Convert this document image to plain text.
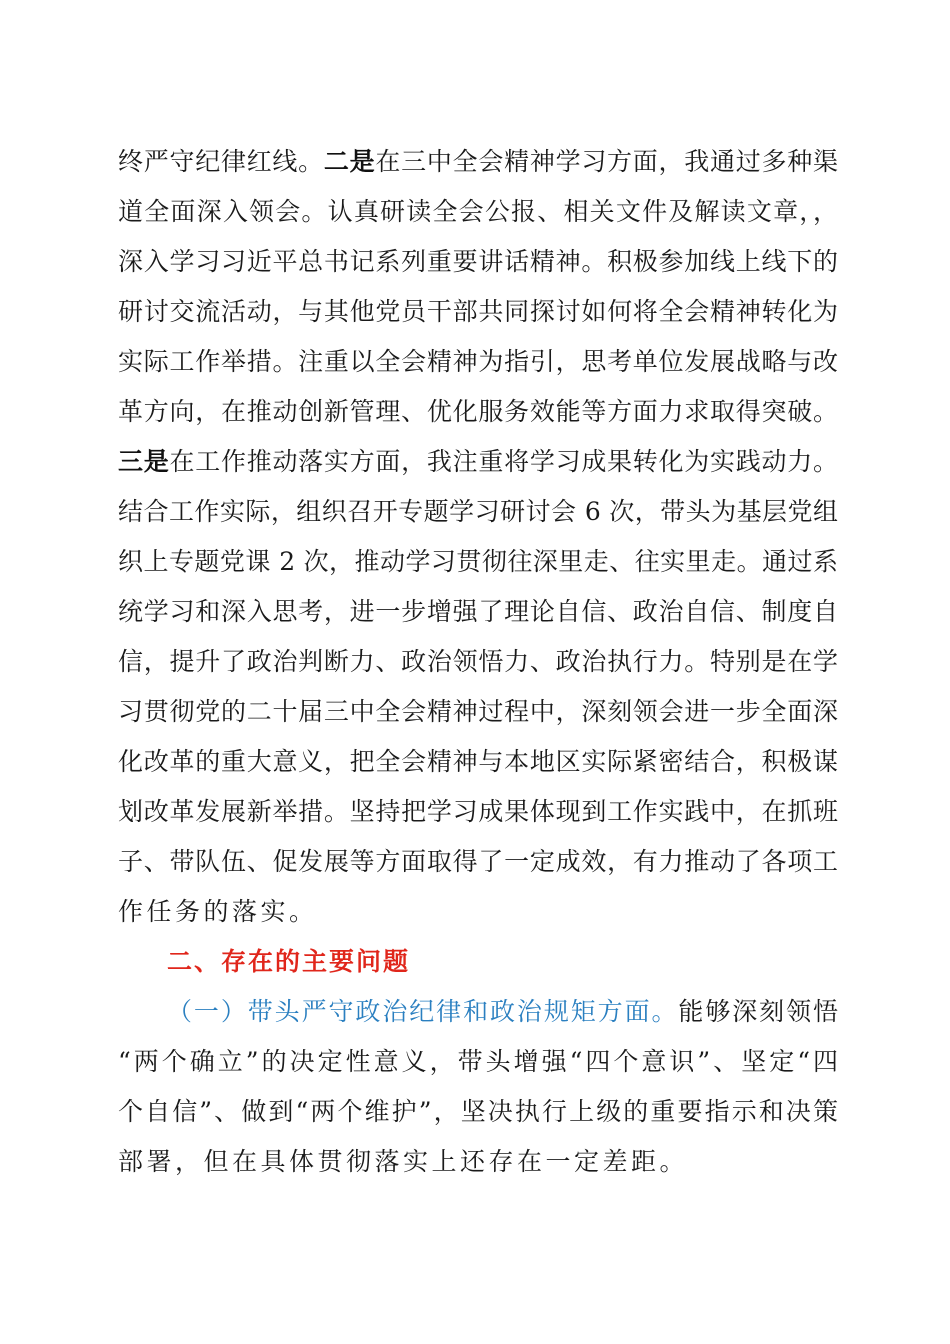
终严守纪律红线。二是在三中全会精神学习方面，我通过多种渠
道全面深入领会。认真研读全会公报、相关文件及解读文章，，
深入学习习近平总书记系列重要讲话精神。积极参加线上线下的
研讨交流活动，与其他党员干部共同探讨如何将全会精神转化为
实际工作举措。注重以全会精神为指引，思考单位发展战略与改
革方向，在推动创新管理、优化服务效能等方面力求取得突破。
三是在工作推动落实方面，我注重将学习成果转化为实践动力。
结合工作实际，组织召开专题学习研讨会 6 次，带头为基层党组
织上专题党课 2 次，推动学习贯彻往深里走、往实里走。通过系
统学习和深入思考，进一步增强了理论自信、政治自信、制度自
信，提升了政治判断力、政治领悟力、政治执行力。特别是在学
习贯彻党的二十届三中全会精神过程中，深刻领会进一步全面深
化改革的重大意义，把全会精神与本地区实际紧密结合，积极谋
划改革发展新举措。坚持把学习成果体现到工作实践中，在抓班
子、带队伍、促发展等方面取得了一定成效，有力推动了各项工
作任务的落实。
二、存在的主要问题
（一）带头严守政治纪律和政治规矩方面。能够深刻领悟
“两个确立”的决定性意义，带头增强“四个意识”、坚定“四
个自信”、做到“两个维护”，坚决执行上级的重要指示和决策
部署，但在具体贯彻落实上还存在一定差距。
